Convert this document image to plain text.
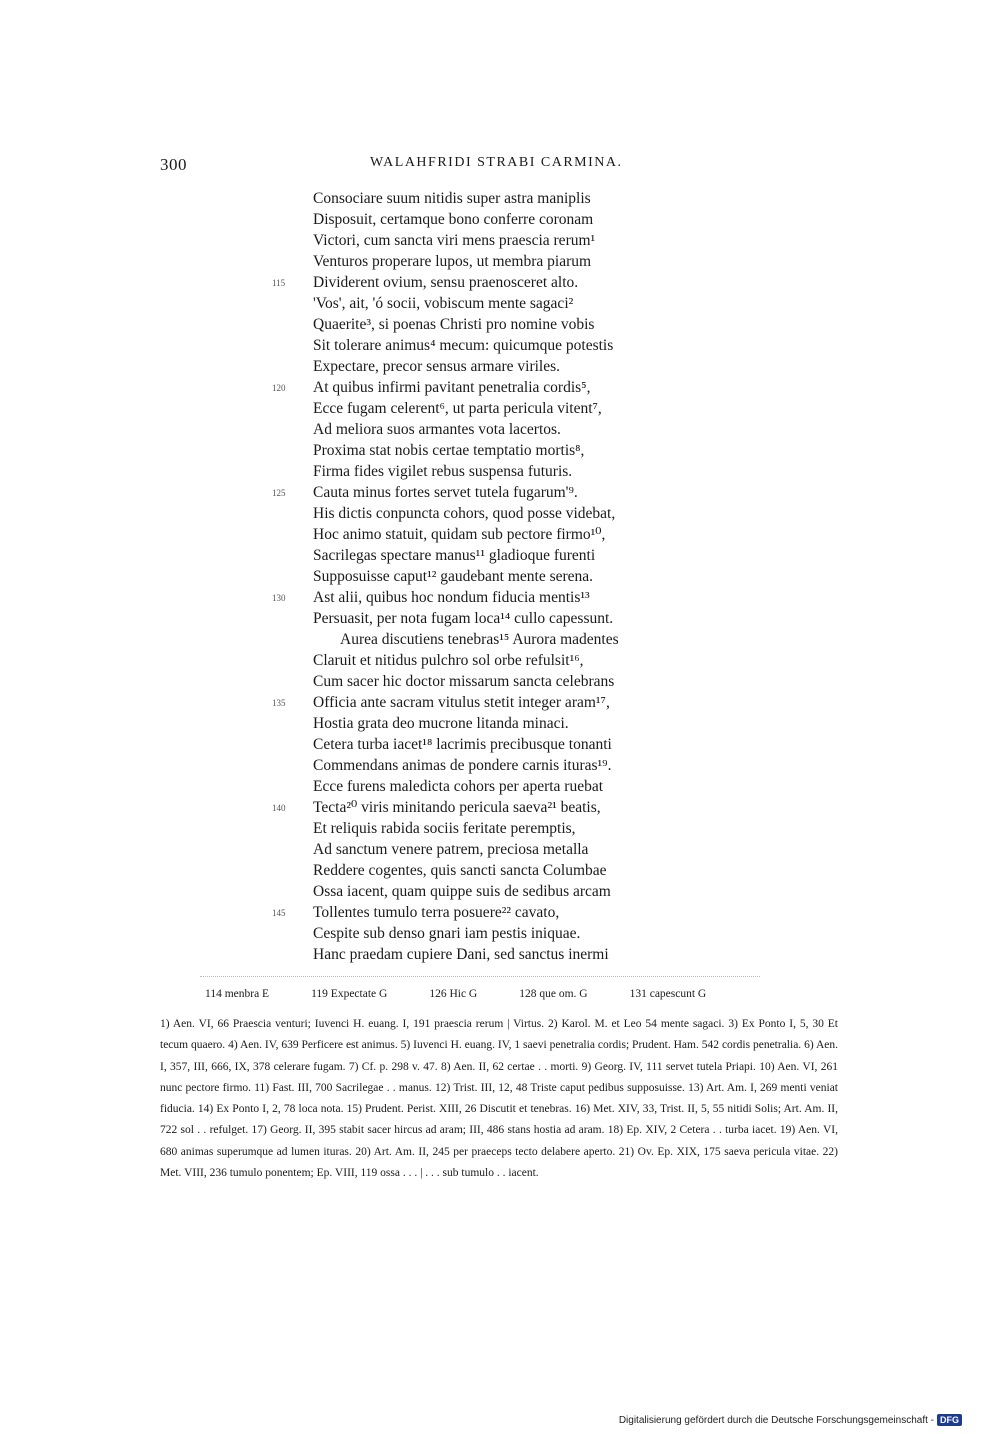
300	WALAHFRIDI STRABI CARMINA.
Consociare suum nitidis super astra maniplis
Disposuit, certamque bono conferre coronam
Victori, cum sancta viri mens praescia rerum¹
Venturos properare lupos, ut membra piarum
115 Dividerent ovium, sensu praenosceret alto.
'Vos', ait, 'ó socii, vobiscum mente sagaci²
Quaerite³, si poenas Christi pro nomine vobis
Sit tolerare animus⁴ mecum: quicumque potestis
Expectare, precor sensus armare viriles.
120 At quibus infirmi pavitant penetralia cordis⁵,
Ecce fugam celerent⁶, ut parta pericula vitent⁷,
Ad meliora suos armantes vota lacertos.
Proxima stat nobis certae temptatio mortis⁸,
Firma fides vigilet rebus suspensa futuris.
125 Cauta minus fortes servet tutela fugarum'⁹.
His dictis conpuncta cohors, quod posse videbat,
Hoc animo statuit, quidam sub pectore firmo¹⁰,
Sacrilegas spectare manus¹¹ gladioque furenti
Supposuisse caput¹² gaudebant mente serena.
130 Ast alii, quibus hoc nondum fiducia mentis¹³
Persuasit, per nota fugam loca¹⁴ cullo capessunt.
Aurea discutiens tenebras¹⁵ Aurora madentes
Claruit et nitidus pulchro sol orbe refulsit¹⁶,
Cum sacer hic doctor missarum sancta celebrans
135 Officia ante sacram vitulus stetit integer aram¹⁷,
Hostia grata deo mucrone litanda minaci.
Cetera turba iacet¹⁸ lacrimis precibusque tonanti
Commendans animas de pondere carnis ituras¹⁹.
Ecce furens maledicta cohors per aperta ruebat
140 Tecta²⁰ viris minitando pericula saeva²¹ beatis,
Et reliquis rabida sociis feritate peremptis,
Ad sanctum venere patrem, preciosa metalla
Reddere cogentes, quis sancti sancta Columbae
Ossa iacent, quam quippe suis de sedibus arcam
145 Tollentes tumulo terra posuere²² cavato,
Cespite sub denso gnari iam pestis iniquae.
Hanc praedam cupiere Dani, sed sanctus inermi
114 menbra E	119 Expectate G	126 Hic G	128 que om. G	131 capescunt G

1) Aen. VI, 66 Praescia venturi; Iuvenci H. euang. I, 191 praescia rerum | Virtus. 2) Karol. M. et Leo 54 mente sagaci. 3) Ex Ponto I, 5, 30 Et tecum quaero. 4) Aen. IV, 639 Perficere est animus. 5) Iuvenci H. euang. IV, 1 saevi penetralia cordis; Prudent. Ham. 542 cordis penetralia. 6) Aen. I, 357, III, 666, IX, 378 celerare fugam. 7) Cf. p. 298 v. 47. 8) Aen. II, 62 certae . . morti. 9) Georg. IV, 111 servet tutela Priapi. 10) Aen. VI, 261 nunc pectore firmo. 11) Fast. III, 700 Sacrilegae . . manus. 12) Trist. III, 12, 48 Triste caput pedibus supposuisse. 13) Art. Am. I, 269 menti veniat fiducia. 14) Ex Ponto I, 2, 78 loca nota. 15) Prudent. Perist. XIII, 26 Discutit et tenebras. 16) Met. XIV, 33, Trist. II, 5, 55 nitidi Solis; Art. Am. II, 722 sol . . refulget. 17) Georg. II, 395 stabit sacer hircus ad aram; III, 486 stans hostia ad aram. 18) Ep. XIV, 2 Cetera . . turba iacet. 19) Aen. VI, 680 animas superumque ad lumen ituras. 20) Art. Am. II, 245 per praeceps tecto delabere aperto. 21) Ov. Ep. XIX, 175 saeva pericula vitae. 22) Met. VIII, 236 tumulo ponentem; Ep. VIII, 119 ossa . . . | . . . sub tumulo . . iacent.

Digitalisierung gefördert durch die Deutsche Forschungsgemeinschaft - DFG
